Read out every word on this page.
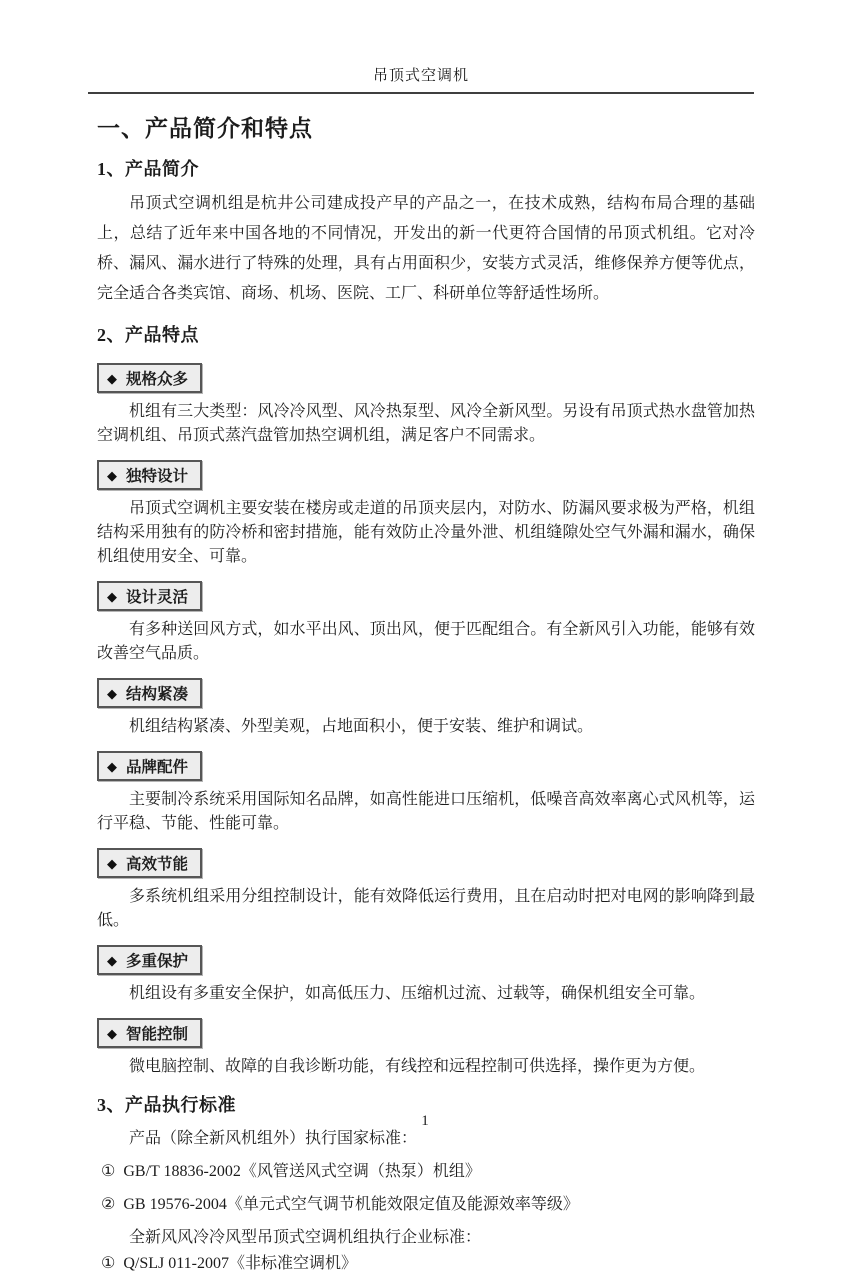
吊顶式空调机
一、产品简介和特点
1、产品简介

吊顶式空调机组是杭井公司建成投产早的产品之一，在技术成熟，结构布局合理的基础上，总结了近年来中国各地的不同情况，开发出的新一代更符合国情的吊顶式机组。它对冷桥、漏风、漏水进行了特殊的处理，具有占用面积少，安装方式灵活，维修保养方便等优点，完全适合各类宾馆、商场、机场、医院、工厂、科研单位等舒适性场所。

2、产品特点
◆ 规格众多

机组有三大类型：风冷冷风型、风冷热泵型、风冷全新风型。另设有吊顶式热水盘管加热空调机组、吊顶式蒸汽盘管加热空调机组，满足客户不同需求。

◆ 独特设计

吊顶式空调机主要安装在楼房或走道的吊顶夹层内，对防水、防漏风要求极为严格，机组结构采用独有的防冷桥和密封措施，能有效防止冷量外泄、机组缝隙处空气外漏和漏水，确保机组使用安全、可靠。

◆ 设计灵活

有多种送回风方式，如水平出风、顶出风，便于匹配组合。有全新风引入功能，能够有效改善空气品质。

◆ 结构紧凑

机组结构紧凑、外型美观，占地面积小，便于安装、维护和调试。

◆ 品牌配件

主要制冷系统采用国际知名品牌，如高性能进口压缩机，低噪音高效率离心式风机等，运行平稳、节能、性能可靠。

◆ 高效节能

多系统机组采用分组控制设计，能有效降低运行费用，且在启动时把对电网的影响降到最低。

◆ 多重保护

机组设有多重安全保护，如高低压力、压缩机过流、过载等，确保机组安全可靠。

◆ 智能控制

微电脑控制、故障的自我诊断功能，有线控和远程控制可供选择，操作更为方便。

3、产品执行标准
产品（除全新风机组外）执行国家标准：
① GB/T 18836-2002《风管送风式空调（热泵）机组》
② GB 19576-2004《单元式空气调节机能效限定值及能源效率等级》
全新风风冷冷风型吊顶式空调机组执行企业标准：
① Q/SLJ 011-2007《非标准空调机》
1
